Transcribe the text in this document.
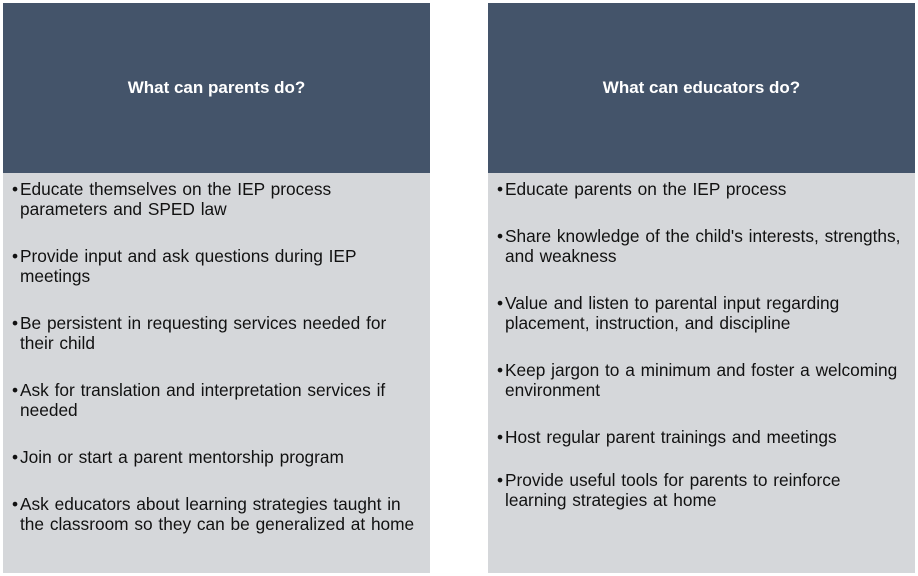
What can parents do?
• Educate themselves on the IEP process parameters and SPED law
• Provide input and ask questions during IEP meetings
• Be persistent in requesting services needed for their child
• Ask for translation and interpretation services if needed
• Join or start a parent mentorship program
• Ask educators about learning strategies taught in the classroom so they can be generalized at home
What can educators do?
• Educate parents on the IEP process
• Share knowledge of the child's interests, strengths, and weakness
• Value and listen to parental input regarding placement, instruction, and discipline
• Keep jargon to a minimum and foster a welcoming environment
• Host regular parent trainings and meetings
• Provide useful tools for parents to reinforce learning strategies at home
